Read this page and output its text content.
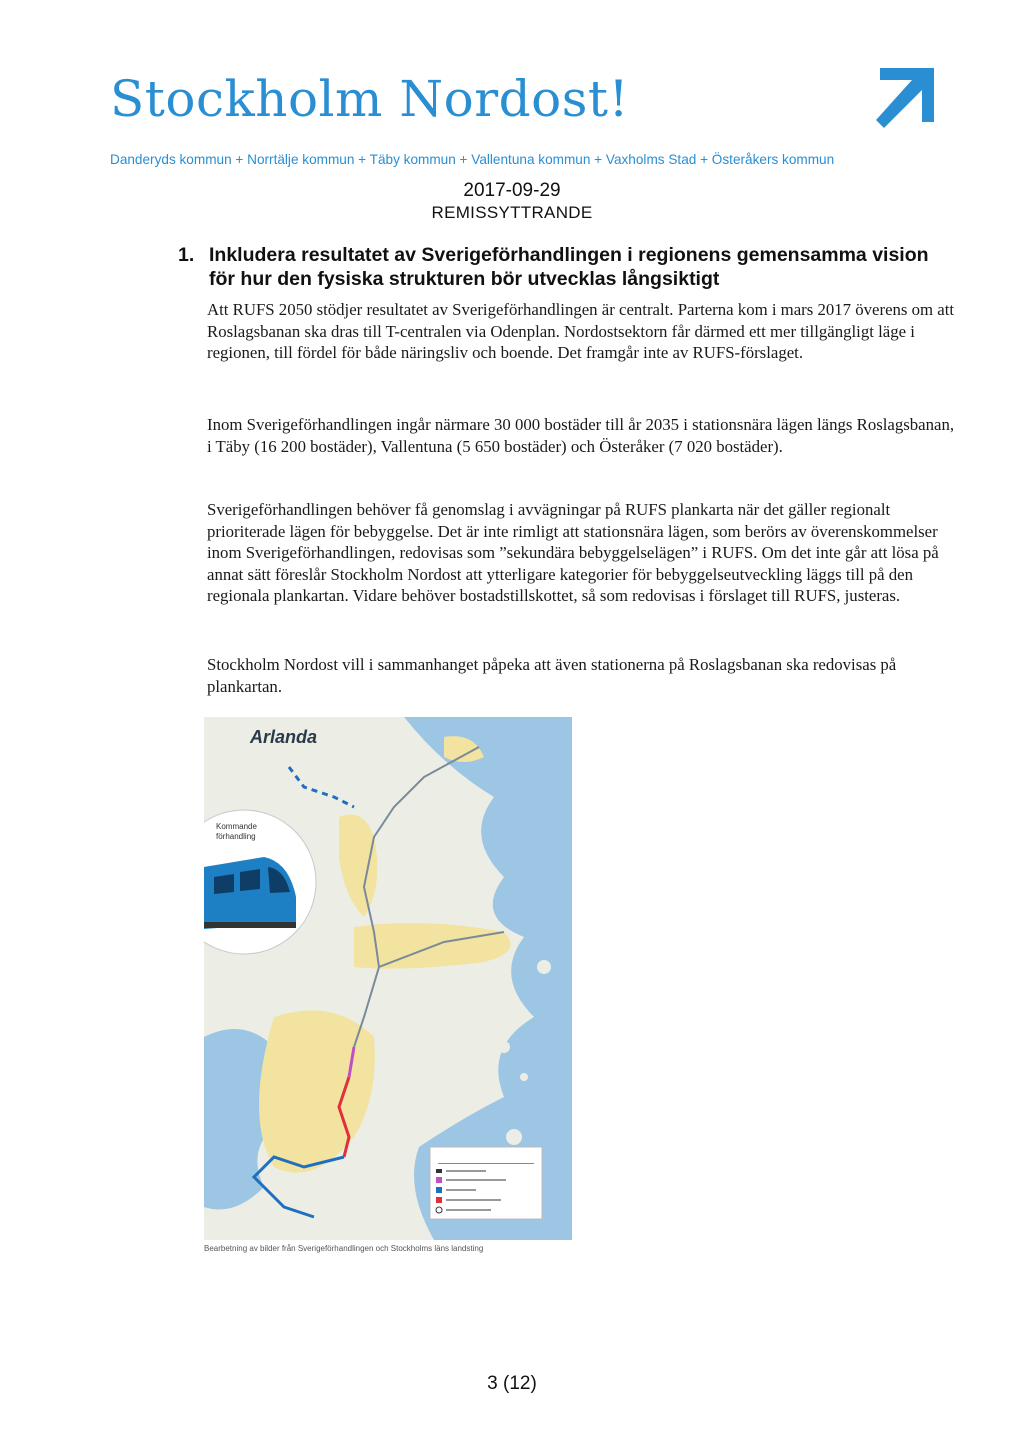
Stockholm Nordost!
Danderyds kommun + Norrtälje kommun + Täby kommun + Vallentuna kommun + Vaxholms Stad + Österåkers kommun
2017-09-29
REMISSYTTRANDE
1. Inkludera resultatet av Sverigeförhandlingen i regionens gemensamma vision för hur den fysiska strukturen bör utvecklas långsiktigt

Att RUFS 2050 stödjer resultatet av Sverigeförhandlingen är centralt. Parterna kom i mars 2017 överens om att Roslagsbanan ska dras till T-centralen via Odenplan. Nordostsektorn får därmed ett mer tillgängligt läge i regionen, till fördel för både näringsliv och boende. Det framgår inte av RUFS-förslaget.

Inom Sverigeförhandlingen ingår närmare 30 000 bostäder till år 2035 i stationsnära lägen längs Roslagsbanan, i Täby (16 200 bostäder), Vallentuna (5 650 bostäder) och Österåker (7 020 bostäder).

Sverigeförhandlingen behöver få genomslag i avvägningar på RUFS plankarta när det gäller regionalt prioriterade lägen för bebyggelse. Det är inte rimligt att stationsnära lägen, som berörs av överenskommelser inom Sverigeförhandlingen, redovisas som ”sekundära bebyggelselägen” i RUFS. Om det inte går att lösa på annat sätt föreslår Stockholm Nordost att ytterligare kategorier för bebyggelseutveckling läggs till på den regionala plankartan. Vidare behöver bostadstillskottet, så som redovisas i förslaget till RUFS, justeras.

Stockholm Nordost vill i sammanhanget påpeka att även stationerna på Roslagsbanan ska redovisas på plankartan.

Arlanda
Kommande
förhandling
Bearbetning av bilder från Sverigeförhandlingen och Stockholms läns landsting
3 (12)
